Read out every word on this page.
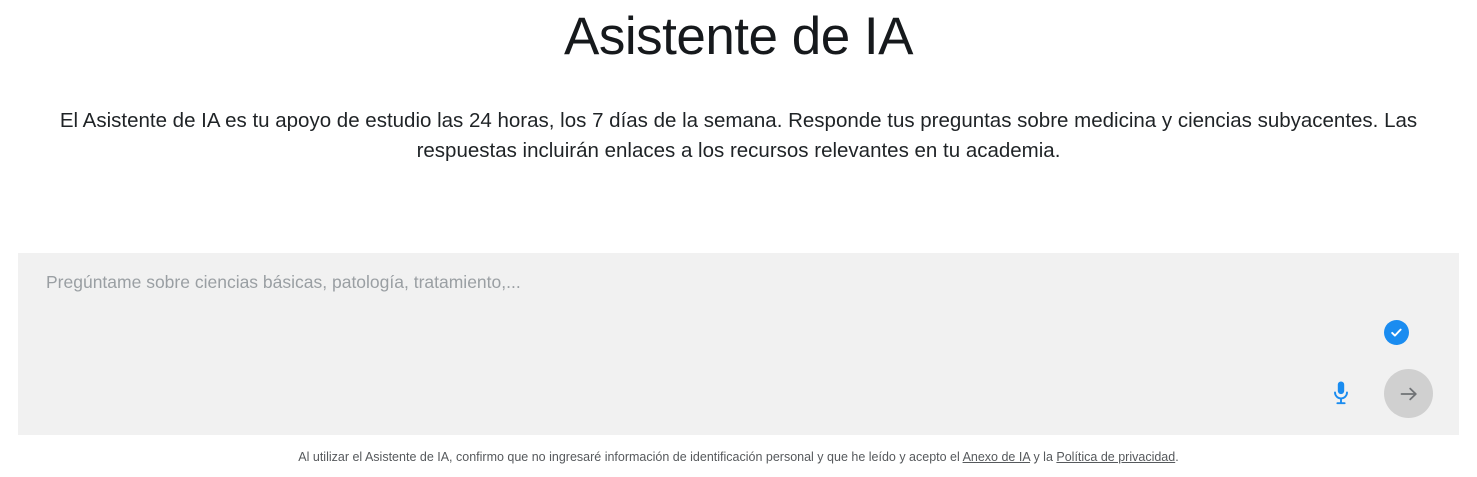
Asistente de IA

El Asistente de IA es tu apoyo de estudio las 24 horas, los 7 días de la semana. Responde tus preguntas sobre medicina y ciencias subyacentes. Las respuestas incluirán enlaces a los recursos relevantes en tu academia.

Pregúntame sobre ciencias básicas, patología, tratamiento,...
Al utilizar el Asistente de IA, confirmo que no ingresaré información de identificación personal y que he leído y acepto el Anexo de IA y la Política de privacidad.
